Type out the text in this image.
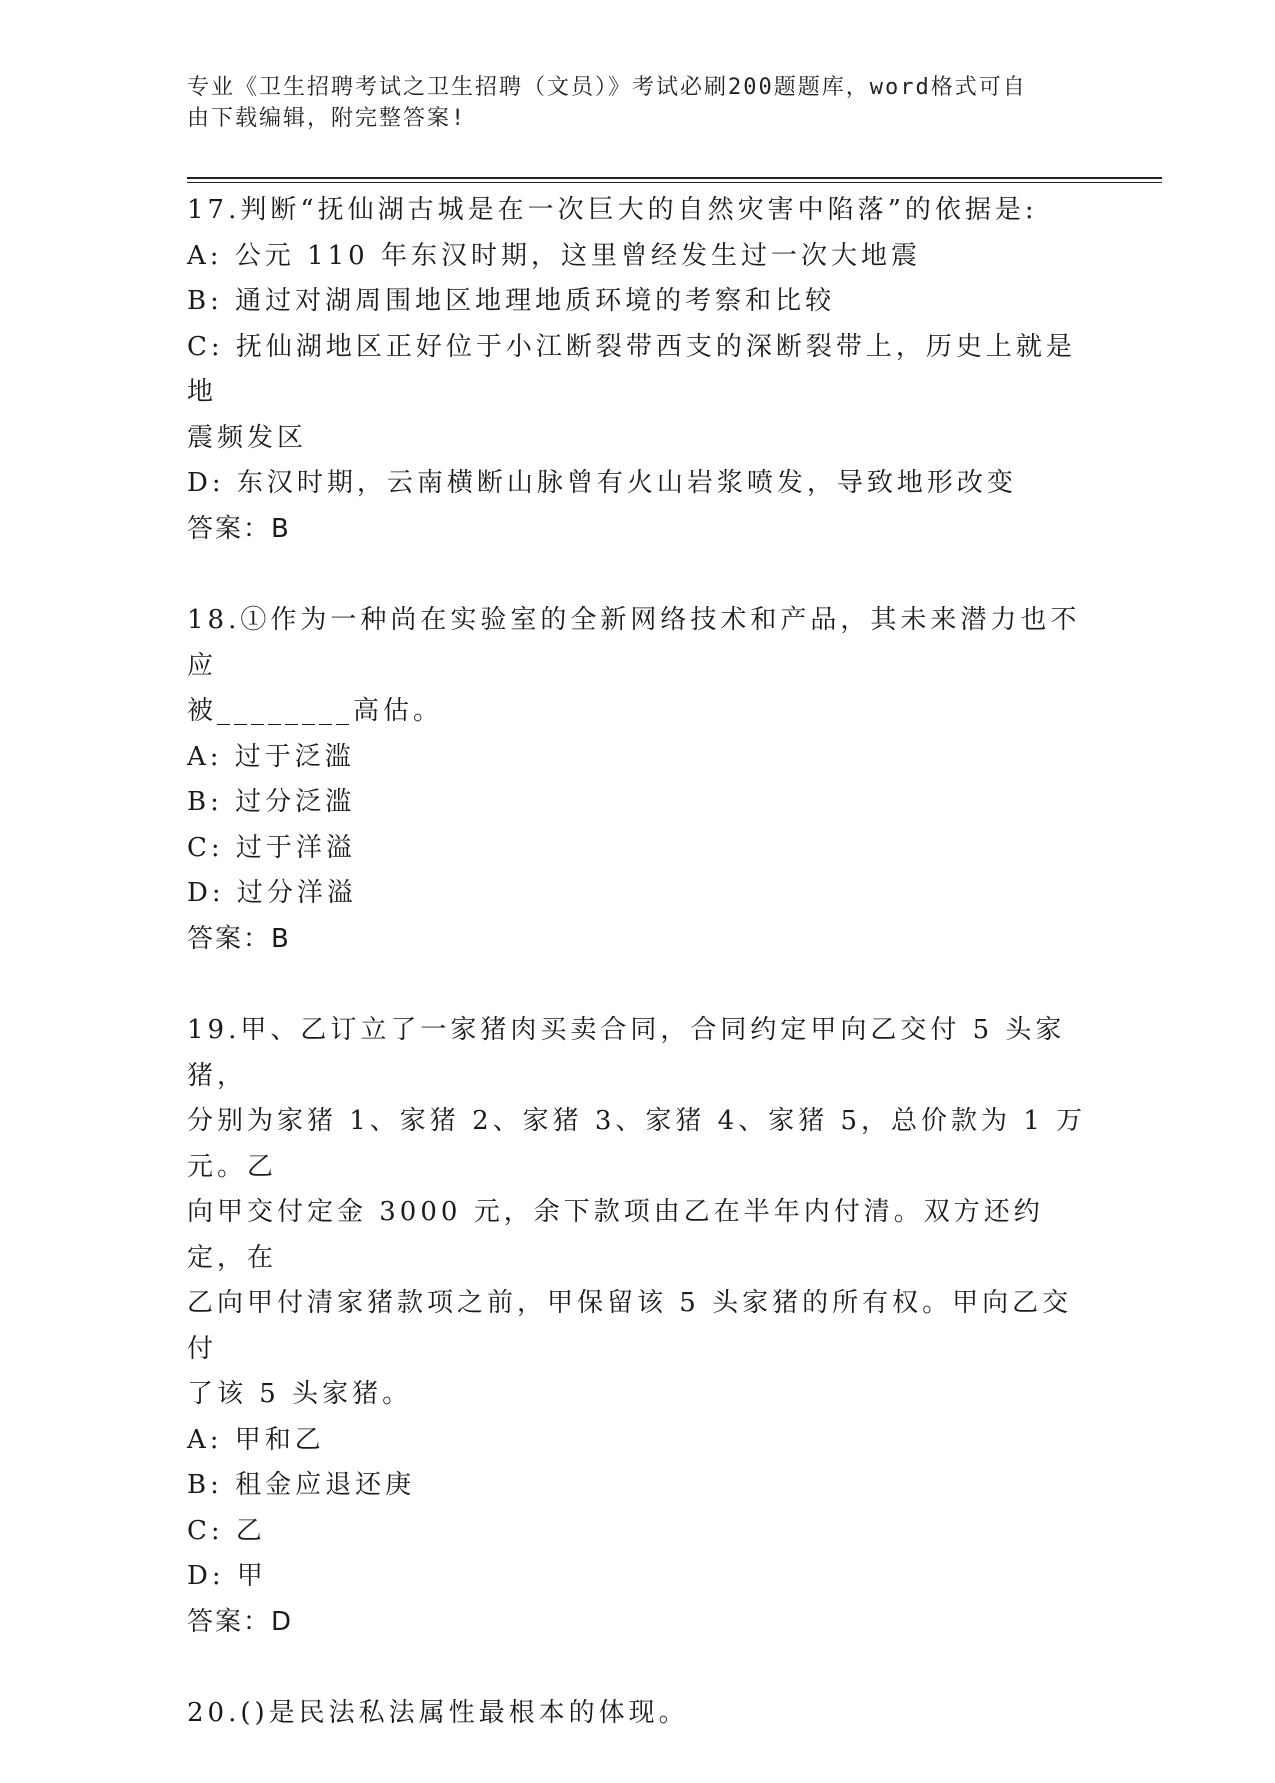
专业《卫生招聘考试之卫生招聘（文员）》考试必刷200题题库，word格式可自
由下载编辑，附完整答案!
17.判断“抚仙湖古城是在一次巨大的自然灾害中陷落”的依据是:
A: 公元 110 年东汉时期，这里曾经发生过一次大地震
B: 通过对湖周围地区地理地质环境的考察和比较
C: 抚仙湖地区正好位于小江断裂带西支的深断裂带上，历史上就是地
震频发区
D: 东汉时期，云南横断山脉曾有火山岩浆喷发，导致地形改变
答案：B
18.①作为一种尚在实验室的全新网络技术和产品，其未来潜力也不应
被________高估。
A: 过于泛滥
B: 过分泛滥
C: 过于洋溢
D: 过分洋溢
答案：B
19.甲、乙订立了一家猪肉买卖合同，合同约定甲向乙交付 5 头家猪，
分别为家猪 1、家猪 2、家猪 3、家猪 4、家猪 5，总价款为 1 万元。乙
向甲交付定金 3000 元，余下款项由乙在半年内付清。双方还约定，在
乙向甲付清家猪款项之前，甲保留该 5 头家猪的所有权。甲向乙交付
了该 5 头家猪。
A: 甲和乙
B: 租金应退还庚
C: 乙
D: 甲
答案：D
20.()是民法私法属性最根本的体现。
